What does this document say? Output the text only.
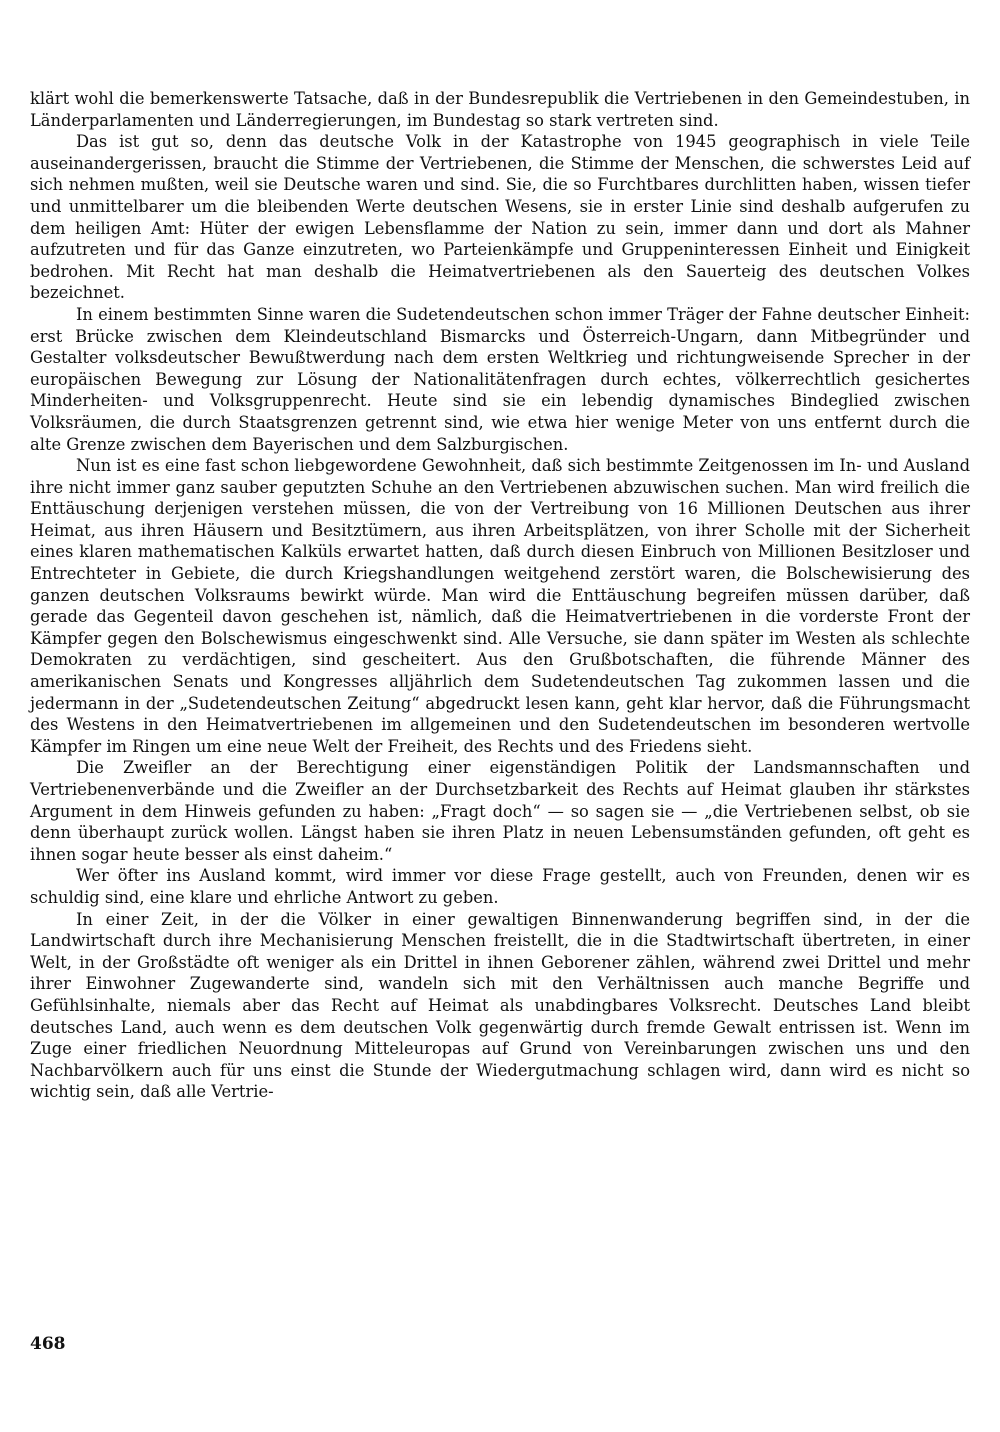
klärt wohl die bemerkenswerte Tatsache, daß in der Bundesrepublik die Vertriebenen in den Gemeindestuben, in Länderparlamenten und Länderregierungen, im Bundestag so stark vertreten sind.

Das ist gut so, denn das deutsche Volk in der Katastrophe von 1945 geographisch in viele Teile auseinandergerissen, braucht die Stimme der Vertriebenen, die Stimme der Menschen, die schwerstes Leid auf sich nehmen mußten, weil sie Deutsche waren und sind. Sie, die so Furchtbares durchlitten haben, wissen tiefer und unmittelbarer um die bleibenden Werte deutschen Wesens, sie in erster Linie sind deshalb aufgerufen zu dem heiligen Amt: Hüter der ewigen Lebensflamme der Nation zu sein, immer dann und dort als Mahner aufzutreten und für das Ganze einzutreten, wo Parteienkämpfe und Gruppeninteressen Einheit und Einigkeit bedrohen. Mit Recht hat man deshalb die Heimatvertriebenen als den Sauerteig des deutschen Volkes bezeichnet.

In einem bestimmten Sinne waren die Sudetendeutschen schon immer Träger der Fahne deutscher Einheit: erst Brücke zwischen dem Kleindeutschland Bismarcks und Österreich-Ungarn, dann Mitbegründer und Gestalter volksdeutscher Bewußtwerdung nach dem ersten Weltkrieg und richtungweisende Sprecher in der europäischen Bewegung zur Lösung der Nationalitätenfragen durch echtes, völkerrechtlich gesichertes Minderheiten- und Volksgruppenrecht. Heute sind sie ein lebendig dynamisches Bindeglied zwischen Volksräumen, die durch Staatsgrenzen getrennt sind, wie etwa hier wenige Meter von uns entfernt durch die alte Grenze zwischen dem Bayerischen und dem Salzburgischen.

Nun ist es eine fast schon liebgewordene Gewohnheit, daß sich bestimmte Zeitgenossen im In- und Ausland ihre nicht immer ganz sauber geputzten Schuhe an den Vertriebenen abzuwischen suchen. Man wird freilich die Enttäuschung derjenigen verstehen müssen, die von der Vertreibung von 16 Millionen Deutschen aus ihrer Heimat, aus ihren Häusern und Besitztümern, aus ihren Arbeitsplätzen, von ihrer Scholle mit der Sicherheit eines klaren mathematischen Kalküls erwartet hatten, daß durch diesen Einbruch von Millionen Besitzloser und Entrechteter in Gebiete, die durch Kriegshandlungen weitgehend zerstört waren, die Bolschewisierung des ganzen deutschen Volksraums bewirkt würde. Man wird die Enttäuschung begreifen müssen darüber, daß gerade das Gegenteil davon geschehen ist, nämlich, daß die Heimatvertriebenen in die vorderste Front der Kämpfer gegen den Bolschewismus eingeschwenkt sind. Alle Versuche, sie dann später im Westen als schlechte Demokraten zu verdächtigen, sind gescheitert. Aus den Grußbotschaften, die führende Männer des amerikanischen Senats und Kongresses alljährlich dem Sudetendeutschen Tag zukommen lassen und die jedermann in der „Sudetendeutschen Zeitung“ abgedruckt lesen kann, geht klar hervor, daß die Führungsmacht des Westens in den Heimatvertriebenen im allgemeinen und den Sudetendeutschen im besonderen wertvolle Kämpfer im Ringen um eine neue Welt der Freiheit, des Rechts und des Friedens sieht.

Die Zweifler an der Berechtigung einer eigenständigen Politik der Landsmannschaften und Vertriebenenverbände und die Zweifler an der Durchsetzbarkeit des Rechts auf Heimat glauben ihr stärkstes Argument in dem Hinweis gefunden zu haben: „Fragt doch“ — so sagen sie — „die Vertriebenen selbst, ob sie denn überhaupt zurück wollen. Längst haben sie ihren Platz in neuen Lebensumständen gefunden, oft geht es ihnen sogar heute besser als einst daheim.“

Wer öfter ins Ausland kommt, wird immer vor diese Frage gestellt, auch von Freunden, denen wir es schuldig sind, eine klare und ehrliche Antwort zu geben.

In einer Zeit, in der die Völker in einer gewaltigen Binnenwanderung begriffen sind, in der die Landwirtschaft durch ihre Mechanisierung Menschen freistellt, die in die Stadtwirtschaft übertreten, in einer Welt, in der Großstädte oft weniger als ein Drittel in ihnen Geborener zählen, während zwei Drittel und mehr ihrer Einwohner Zugewanderte sind, wandeln sich mit den Verhältnissen auch manche Begriffe und Gefühlsinhalte, niemals aber das Recht auf Heimat als unabdingbares Volksrecht. Deutsches Land bleibt deutsches Land, auch wenn es dem deutschen Volk gegenwärtig durch fremde Gewalt entrissen ist. Wenn im Zuge einer friedlichen Neuordnung Mitteleuropas auf Grund von Vereinbarungen zwischen uns und den Nachbarvölkern auch für uns einst die Stunde der Wiedergutmachung schlagen wird, dann wird es nicht so wichtig sein, daß alle Vertrie-

468
